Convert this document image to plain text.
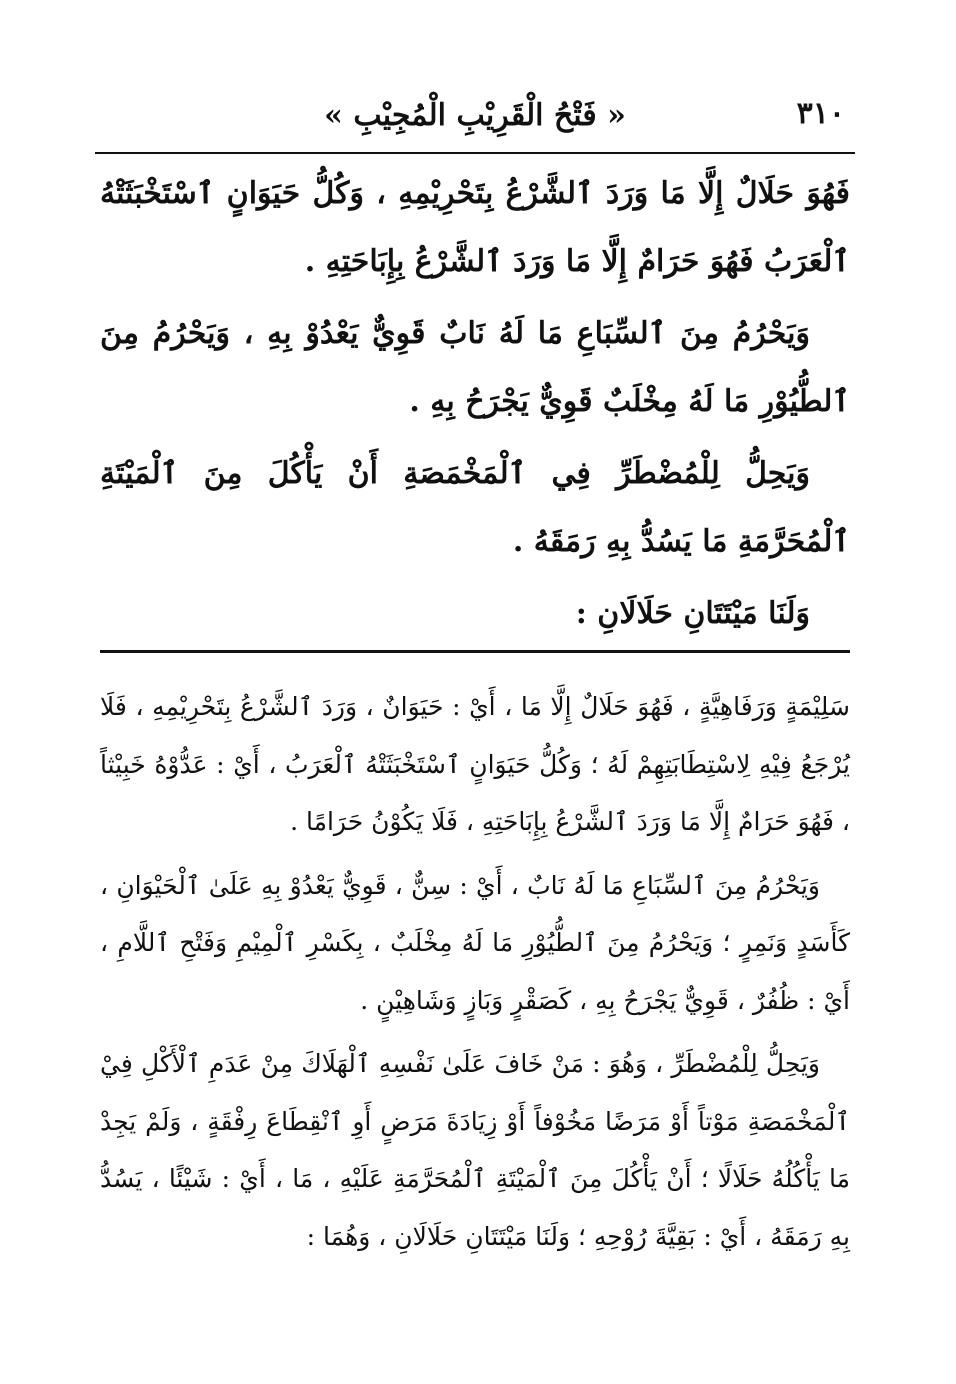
٣١٠
« فَتْحُ الْقَرِيْبِ الْمُجِيْبِ »

فَهُوَ حَلَالٌ إِلَّا مَا وَرَدَ ٱلشَّرْعُ بِتَحْرِيْمِهِ ، وَكُلُّ حَيَوَانٍ ٱسْتَخْبَثَتْهُ ٱلْعَرَبُ فَهُوَ حَرَامٌ إِلَّا مَا وَرَدَ ٱلشَّرْعُ بِإِبَاحَتِهِ .

وَيَحْرُمُ مِنَ ٱلسِّبَاعِ مَا لَهُ نَابٌ قَوِيٌّ يَعْدُوْ بِهِ ، وَيَحْرُمُ مِنَ ٱلطُّيُوْرِ مَا لَهُ مِخْلَبٌ قَوِيٌّ يَجْرَحُ بِهِ .

وَيَحِلُّ لِلْمُضْطَرِّ فِي ٱلْمَخْمَصَةِ أَنْ يَأْكُلَ مِنَ ٱلْمَيْتَةِ ٱلْمُحَرَّمَةِ مَا يَسُدُّ بِهِ رَمَقَهُ .

وَلَنَا مَيْتَتَانِ حَلَالَانِ :

سَلِيْمَةٍ وَرَفَاهِيَّةٍ ، فَهُوَ حَلَالٌ إِلَّا مَا ، أَيْ : حَيَوَانٌ ، وَرَدَ ٱلشَّرْعُ بِتَحْرِيْمِهِ ، فَلَا يُرْجَعُ فِيْهِ لِاسْتِطَابَتِهِمْ لَهُ ؛ وَكُلُّ حَيَوَانٍ ٱسْتَخْبَثَتْهُ ٱلْعَرَبُ ، أَيْ : عَدُّوْهُ خَبِيْثاً ، فَهُوَ حَرَامٌ إِلَّا مَا وَرَدَ ٱلشَّرْعُ بِإِبَاحَتِهِ ، فَلَا يَكُوْنُ حَرَامًا .

وَيَحْرُمُ مِنَ ٱلسِّبَاعِ مَا لَهُ نَابٌ ، أَيْ : سِنٌّ ، قَوِيٌّ يَعْدُوْ بِهِ عَلَىٰ ٱلْحَيْوَانِ ، كَأَسَدٍ وَنَمِرٍ ؛ وَيَحْرُمُ مِنَ ٱلطُّيُوْرِ مَا لَهُ مِخْلَبٌ ، بِكَسْرِ ٱلْمِيْمِ وَفَتْحِ ٱللَّامِ ، أَيْ : ظُفُرٌ ، قَوِيٌّ يَجْرَحُ بِهِ ، كَصَقْرٍ وَبَازٍ وَشَاهِيْنٍ .

وَيَحِلُّ لِلْمُضْطَرِّ ، وَهُوَ : مَنْ خَافَ عَلَىٰ نَفْسِهِ ٱلْهَلَاكَ مِنْ عَدَمِ ٱلْأَكْلِ فِيْ ٱلْمَخْمَصَةِ مَوْتاً أَوْ مَرَضًا مَخُوْفاً أَوْ زِيَادَةَ مَرَضٍ أَوِ ٱنْقِطَاعَ رِفْقَةٍ ، وَلَمْ يَجِدْ مَا يَأْكُلُهُ حَلَالًا ؛ أَنْ يَأْكُلَ مِنَ ٱلْمَيْتَةِ ٱلْمُحَرَّمَةِ عَلَيْهِ ، مَا ، أَيْ : شَيْئًا ، يَسُدُّ بِهِ رَمَقَهُ ، أَيْ : بَقِيَّةَ رُوْحِهِ ؛ وَلَنَا مَيْتَتَانِ حَلَالَانِ ، وَهُمَا :
